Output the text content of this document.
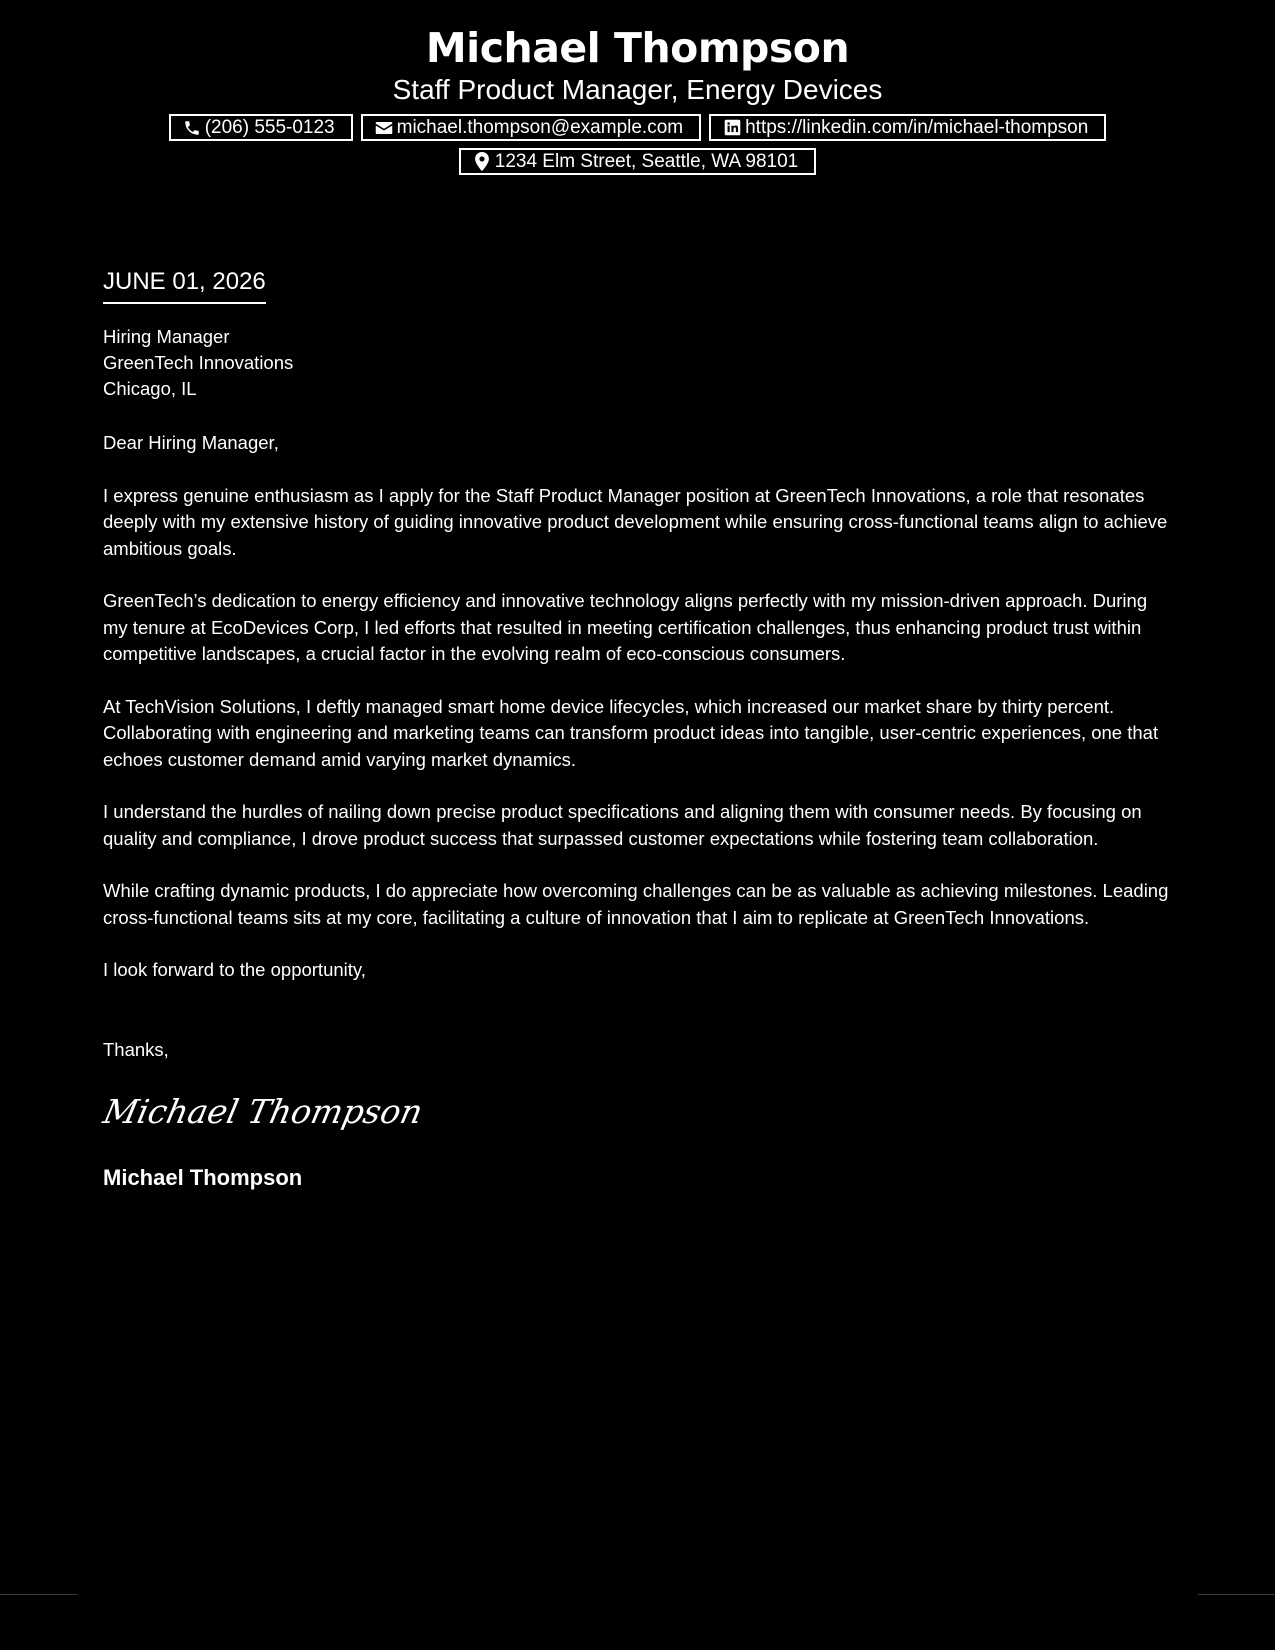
Michael Thompson
Staff Product Manager, Energy Devices
(206) 555-0123	michael.thompson@example.com	https://linkedin.com/in/michael-thompson
1234 Elm Street, Seattle, WA 98101
JUNE 01, 2026
Hiring Manager
GreenTech Innovations
Chicago, IL
Dear Hiring Manager,
I express genuine enthusiasm as I apply for the Staff Product Manager position at GreenTech Innovations, a role that resonates deeply with my extensive history of guiding innovative product development while ensuring cross-functional teams align to achieve ambitious goals.
GreenTech’s dedication to energy efficiency and innovative technology aligns perfectly with my mission-driven approach. During my tenure at EcoDevices Corp, I led efforts that resulted in meeting certification challenges, thus enhancing product trust within competitive landscapes, a crucial factor in the evolving realm of eco-conscious consumers.
At TechVision Solutions, I deftly managed smart home device lifecycles, which increased our market share by thirty percent. Collaborating with engineering and marketing teams can transform product ideas into tangible, user-centric experiences, one that echoes customer demand amid varying market dynamics.
I understand the hurdles of nailing down precise product specifications and aligning them with consumer needs. By focusing on quality and compliance, I drove product success that surpassed customer expectations while fostering team collaboration.
While crafting dynamic products, I do appreciate how overcoming challenges can be as valuable as achieving milestones. Leading cross-functional teams sits at my core, facilitating a culture of innovation that I aim to replicate at GreenTech Innovations.
I look forward to the opportunity,
Thanks,
Michael Thompson
Michael Thompson
